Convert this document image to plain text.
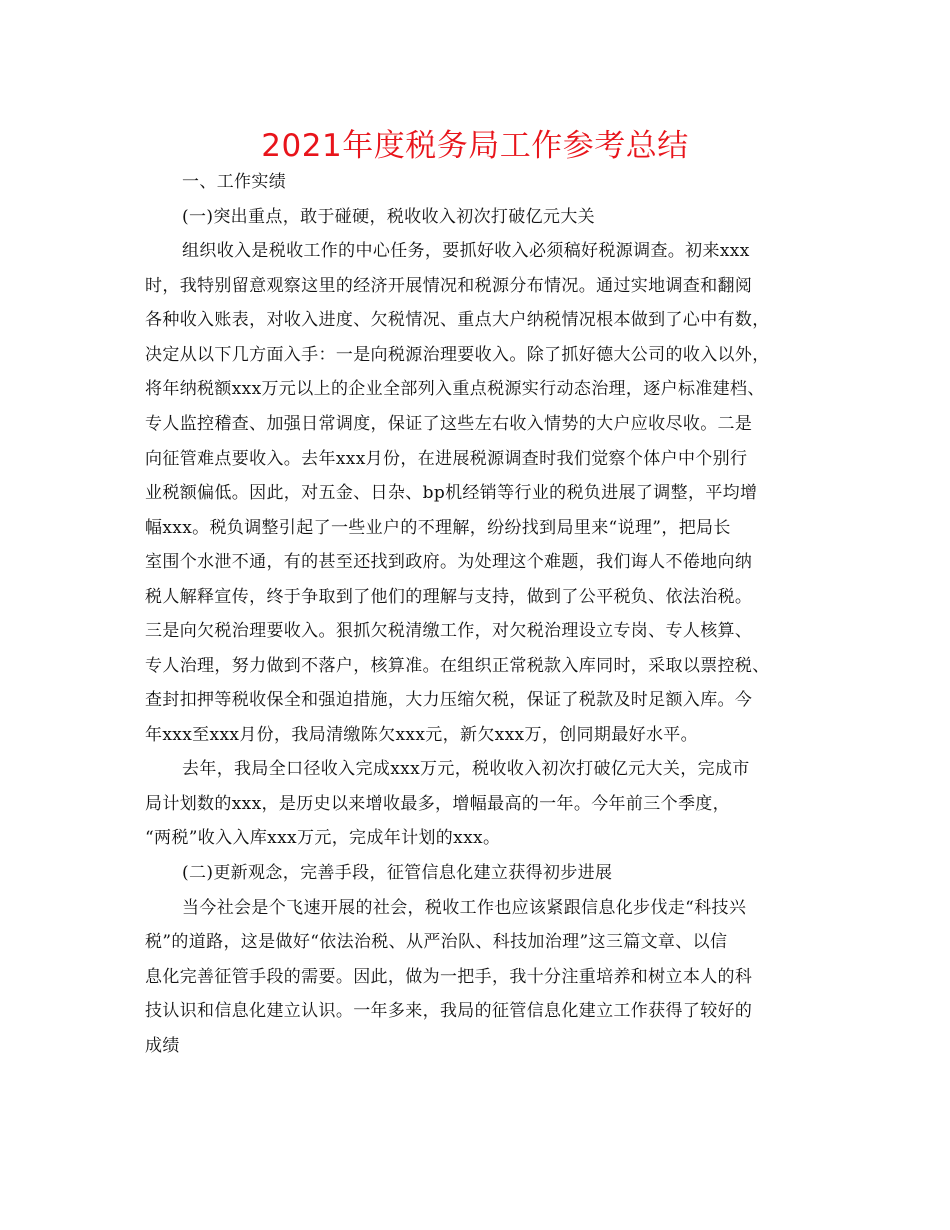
2021年度税务局工作参考总结
一、工作实绩
(一)突出重点，敢于碰硬，税收收入初次打破亿元大关
组织收入是税收工作的中心任务，要抓好收入必须稿好税源调查。初来xxx
时，我特别留意观察这里的经济开展情况和税源分布情况。通过实地调查和翻阅
各种收入账表，对收入进度、欠税情况、重点大户纳税情况根本做到了心中有数，
决定从以下几方面入手：一是向税源治理要收入。除了抓好德大公司的收入以外，
将年纳税额xxx万元以上的企业全部列入重点税源实行动态治理，逐户标准建档、
专人监控稽查、加强日常调度，保证了这些左右收入情势的大户应收尽收。二是
向征管难点要收入。去年xxx月份，在进展税源调查时我们觉察个体户中个别行
业税额偏低。因此，对五金、日杂、bp机经销等行业的税负进展了调整，平均增
幅xxx。税负调整引起了一些业户的不理解，纷纷找到局里来“说理”，把局长
室围个水泄不通，有的甚至还找到政府。为处理这个难题，我们诲人不倦地向纳
税人解释宣传，终于争取到了他们的理解与支持，做到了公平税负、依法治税。
三是向欠税治理要收入。狠抓欠税清缴工作，对欠税治理设立专岗、专人核算、
专人治理，努力做到不落户，核算准。在组织正常税款入库同时，采取以票控税、
查封扣押等税收保全和强迫措施，大力压缩欠税，保证了税款及时足额入库。今
年xxx至xxx月份，我局清缴陈欠xxx元，新欠xxx万，创同期最好水平。
去年，我局全口径收入完成xxx万元，税收收入初次打破亿元大关，完成市
局计划数的xxx，是历史以来增收最多，增幅最高的一年。今年前三个季度，
“两税”收入入库xxx万元，完成年计划的xxx。
(二)更新观念，完善手段，征管信息化建立获得初步进展
当今社会是个飞速开展的社会，税收工作也应该紧跟信息化步伐走“科技兴
税”的道路，这是做好“依法治税、从严治队、科技加治理”这三篇文章、以信
息化完善征管手段的需要。因此，做为一把手，我十分注重培养和树立本人的科
技认识和信息化建立认识。一年多来，我局的征管信息化建立工作获得了较好的
成绩
